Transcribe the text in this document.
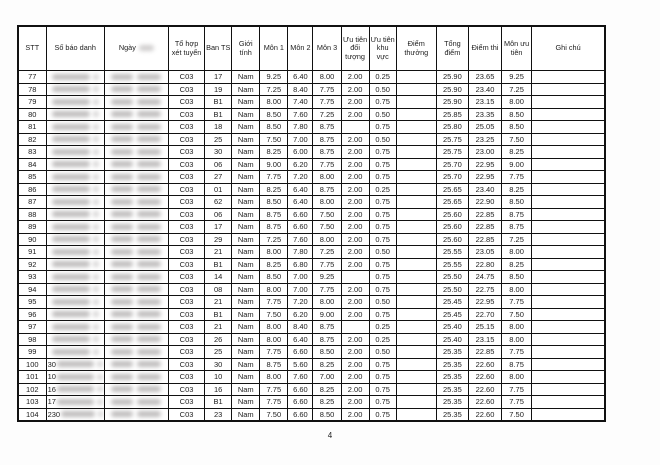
STT	Số báo danh	Ngày	Tổ hợp xét tuyển	Ban TS	Giới tính	Môn 1	Môn 2	Môn 3	Ưu tiên đối tượng	Ưu tiên khu vực	Điểm thưởng	Tổng điểm	Điểm thi	Môn ưu tiên	Ghi chú
77			C03	17	Nam	9.25	6.40	8.00	2.00	0.25		25.90	23.65	9.25	
78			C03	19	Nam	7.25	8.40	7.75	2.00	0.50		25.90	23.40	7.25	
79			C03	B1	Nam	8.00	7.40	7.75	2.00	0.75		25.90	23.15	8.00	
80			C03	B1	Nam	8.50	7.60	7.25	2.00	0.50		25.85	23.35	8.50	
81			C03	18	Nam	8.50	7.80	8.75		0.75		25.80	25.05	8.50	
82			C03	25	Nam	7.50	7.00	8.75	2.00	0.50		25.75	23.25	7.50	
83			C03	30	Nam	8.25	6.00	8.75	2.00	0.75		25.75	23.00	8.25	
84			C03	06	Nam	9.00	6.20	7.75	2.00	0.75		25.70	22.95	9.00	
85			C03	27	Nam	7.75	7.20	8.00	2.00	0.75		25.70	22.95	7.75	
86			C03	01	Nam	8.25	6.40	8.75	2.00	0.25		25.65	23.40	8.25	
87			C03	62	Nam	8.50	6.40	8.00	2.00	0.75		25.65	22.90	8.50	
88			C03	06	Nam	8.75	6.60	7.50	2.00	0.75		25.60	22.85	8.75	
89			C03	17	Nam	8.75	6.60	7.50	2.00	0.75		25.60	22.85	8.75	
90			C03	29	Nam	7.25	7.60	8.00	2.00	0.75		25.60	22.85	7.25	
91			C03	21	Nam	8.00	7.80	7.25	2.00	0.50		25.55	23.05	8.00	
92			C03	B1	Nam	8.25	6.80	7.75	2.00	0.75		25.55	22.80	8.25	
93			C03	14	Nam	8.50	7.00	9.25		0.75		25.50	24.75	8.50	
94			C03	08	Nam	8.00	7.00	7.75	2.00	0.75		25.50	22.75	8.00	
95			C03	21	Nam	7.75	7.20	8.00	2.00	0.50		25.45	22.95	7.75	
96			C03	B1	Nam	7.50	6.20	9.00	2.00	0.75		25.45	22.70	7.50	
97			C03	21	Nam	8.00	8.40	8.75		0.25		25.40	25.15	8.00	
98			C03	26	Nam	8.00	6.40	8.75	2.00	0.25		25.40	23.15	8.00	
99			C03	25	Nam	7.75	6.60	8.50	2.00	0.50		25.35	22.85	7.75	
100	30		C03	30	Nam	8.75	5.60	8.25	2.00	0.75		25.35	22.60	8.75	
101	10		C03	10	Nam	8.00	7.60	7.00	2.00	0.75		25.35	22.60	8.00	
102	16		C03	16	Nam	7.75	6.60	8.25	2.00	0.75		25.35	22.60	7.75	
103	17		C03	B1	Nam	7.75	6.60	8.25	2.00	0.75		25.35	22.60	7.75	
104	230		C03	23	Nam	7.50	6.60	8.50	2.00	0.75		25.35	22.60	7.50	
4
